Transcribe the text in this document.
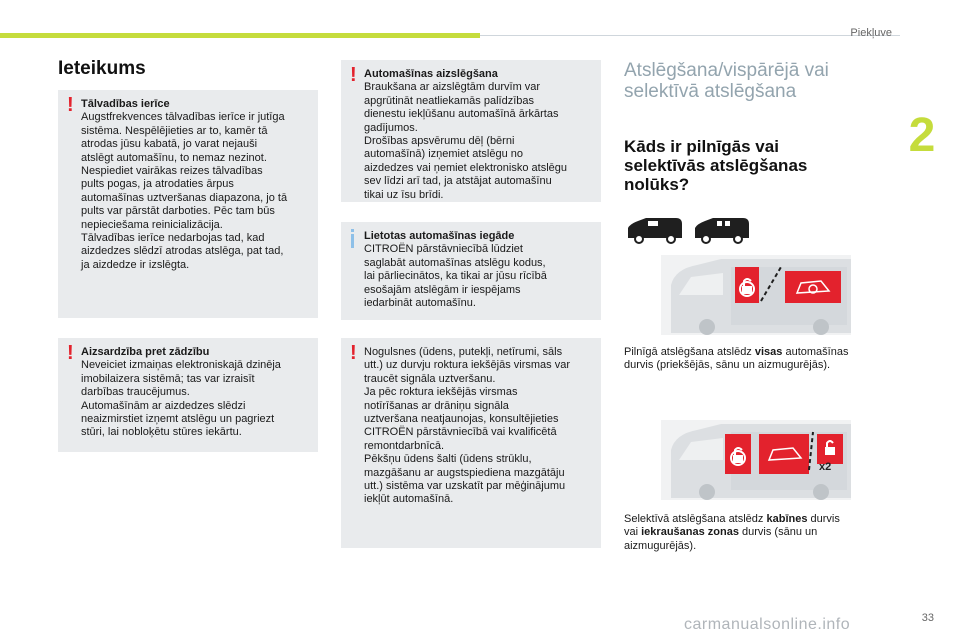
Piekļuve
2
Ieteikums
! Tālvadības ierīce
Augstfrekvences tālvadības ierīce ir jutīga
sistēma. Nespēlējieties ar to, kamēr tā
atrodas jūsu kabatā, jo varat nejauši
atslēgt automašīnu, to nemaz nezinot.
Nespiediet vairākas reizes tālvadības
pults pogas, ja atrodaties ārpus
automašīnas uztveršanas diapazona, jo tā
pults var pārstāt darboties. Pēc tam būs
nepieciešama reinicializācija.
Tālvadības ierīce nedarbojas tad, kad
aizdedzes slēdzī atrodas atslēga, pat tad,
ja aizdedze ir izslēgta.
! Aizsardzība pret zādzību
Neveiciet izmaiņas elektroniskajā dzinēja
imobilaizera sistēmā; tas var izraisīt
darbības traucējumus.
Automašīnām ar aizdedzes slēdzi
neaizmirstiet izņemt atslēgu un pagriezt
stūri, lai nobloķētu stūres iekārtu.
! Automašīnas aizslēgšana
Braukšana ar aizslēgtām durvīm var
apgrūtināt neatliekamās palīdzības
dienestu iekļūšanu automašīnā ārkārtas
gadījumos.
Drošības apsvērumu dēļ (bērni
automašīnā) izņemiet atslēgu no
aizdedzes vai ņemiet elektronisko atslēgu
sev līdzi arī tad, ja atstājat automašīnu
tikai uz īsu brīdi.
Lietotas automašīnas iegāde
CITROËN pārstāvniecībā lūdziet
saglabāt automašīnas atslēgu kodus,
lai pārliecinātos, ka tikai ar jūsu rīcībā
esošajām atslēgām ir iespējams
iedarbināt automašīnu.
! Nogulsnes (ūdens, putekļi, netīrumi, sāls
utt.) uz durvju roktura iekšējās virsmas var
traucēt signāla uztveršanu.
Ja pēc roktura iekšējās virsmas
notīrīšanas ar drāniņu signāla
uztveršana neatjaunojas, konsultējieties
CITROËN pārstāvniecībā vai kvalificētā
remontdarbnīcā.
Pēkšņu ūdens šalti (ūdens strūklu,
mazgāšanu ar augstspiediena mazgātāju
utt.) sistēma var uzskatīt par mēģinājumu
iekļūt automašīnā.
Atslēgšana/vispārējā vai
selektīvā atslēgšana
Kāds ir pilnīgās vai
selektīvās atslēgšanas
nolūks?
Pilnīgā atslēgšana atslēdz visas automašīnas
durvis (priekšējās, sānu un aizmugurējās).
x2
Selektīvā atslēgšana atslēdz kabīnes durvis
vai iekraušanas zonas durvis (sānu un
aizmugurējās).
carmanualsonline.info	33
